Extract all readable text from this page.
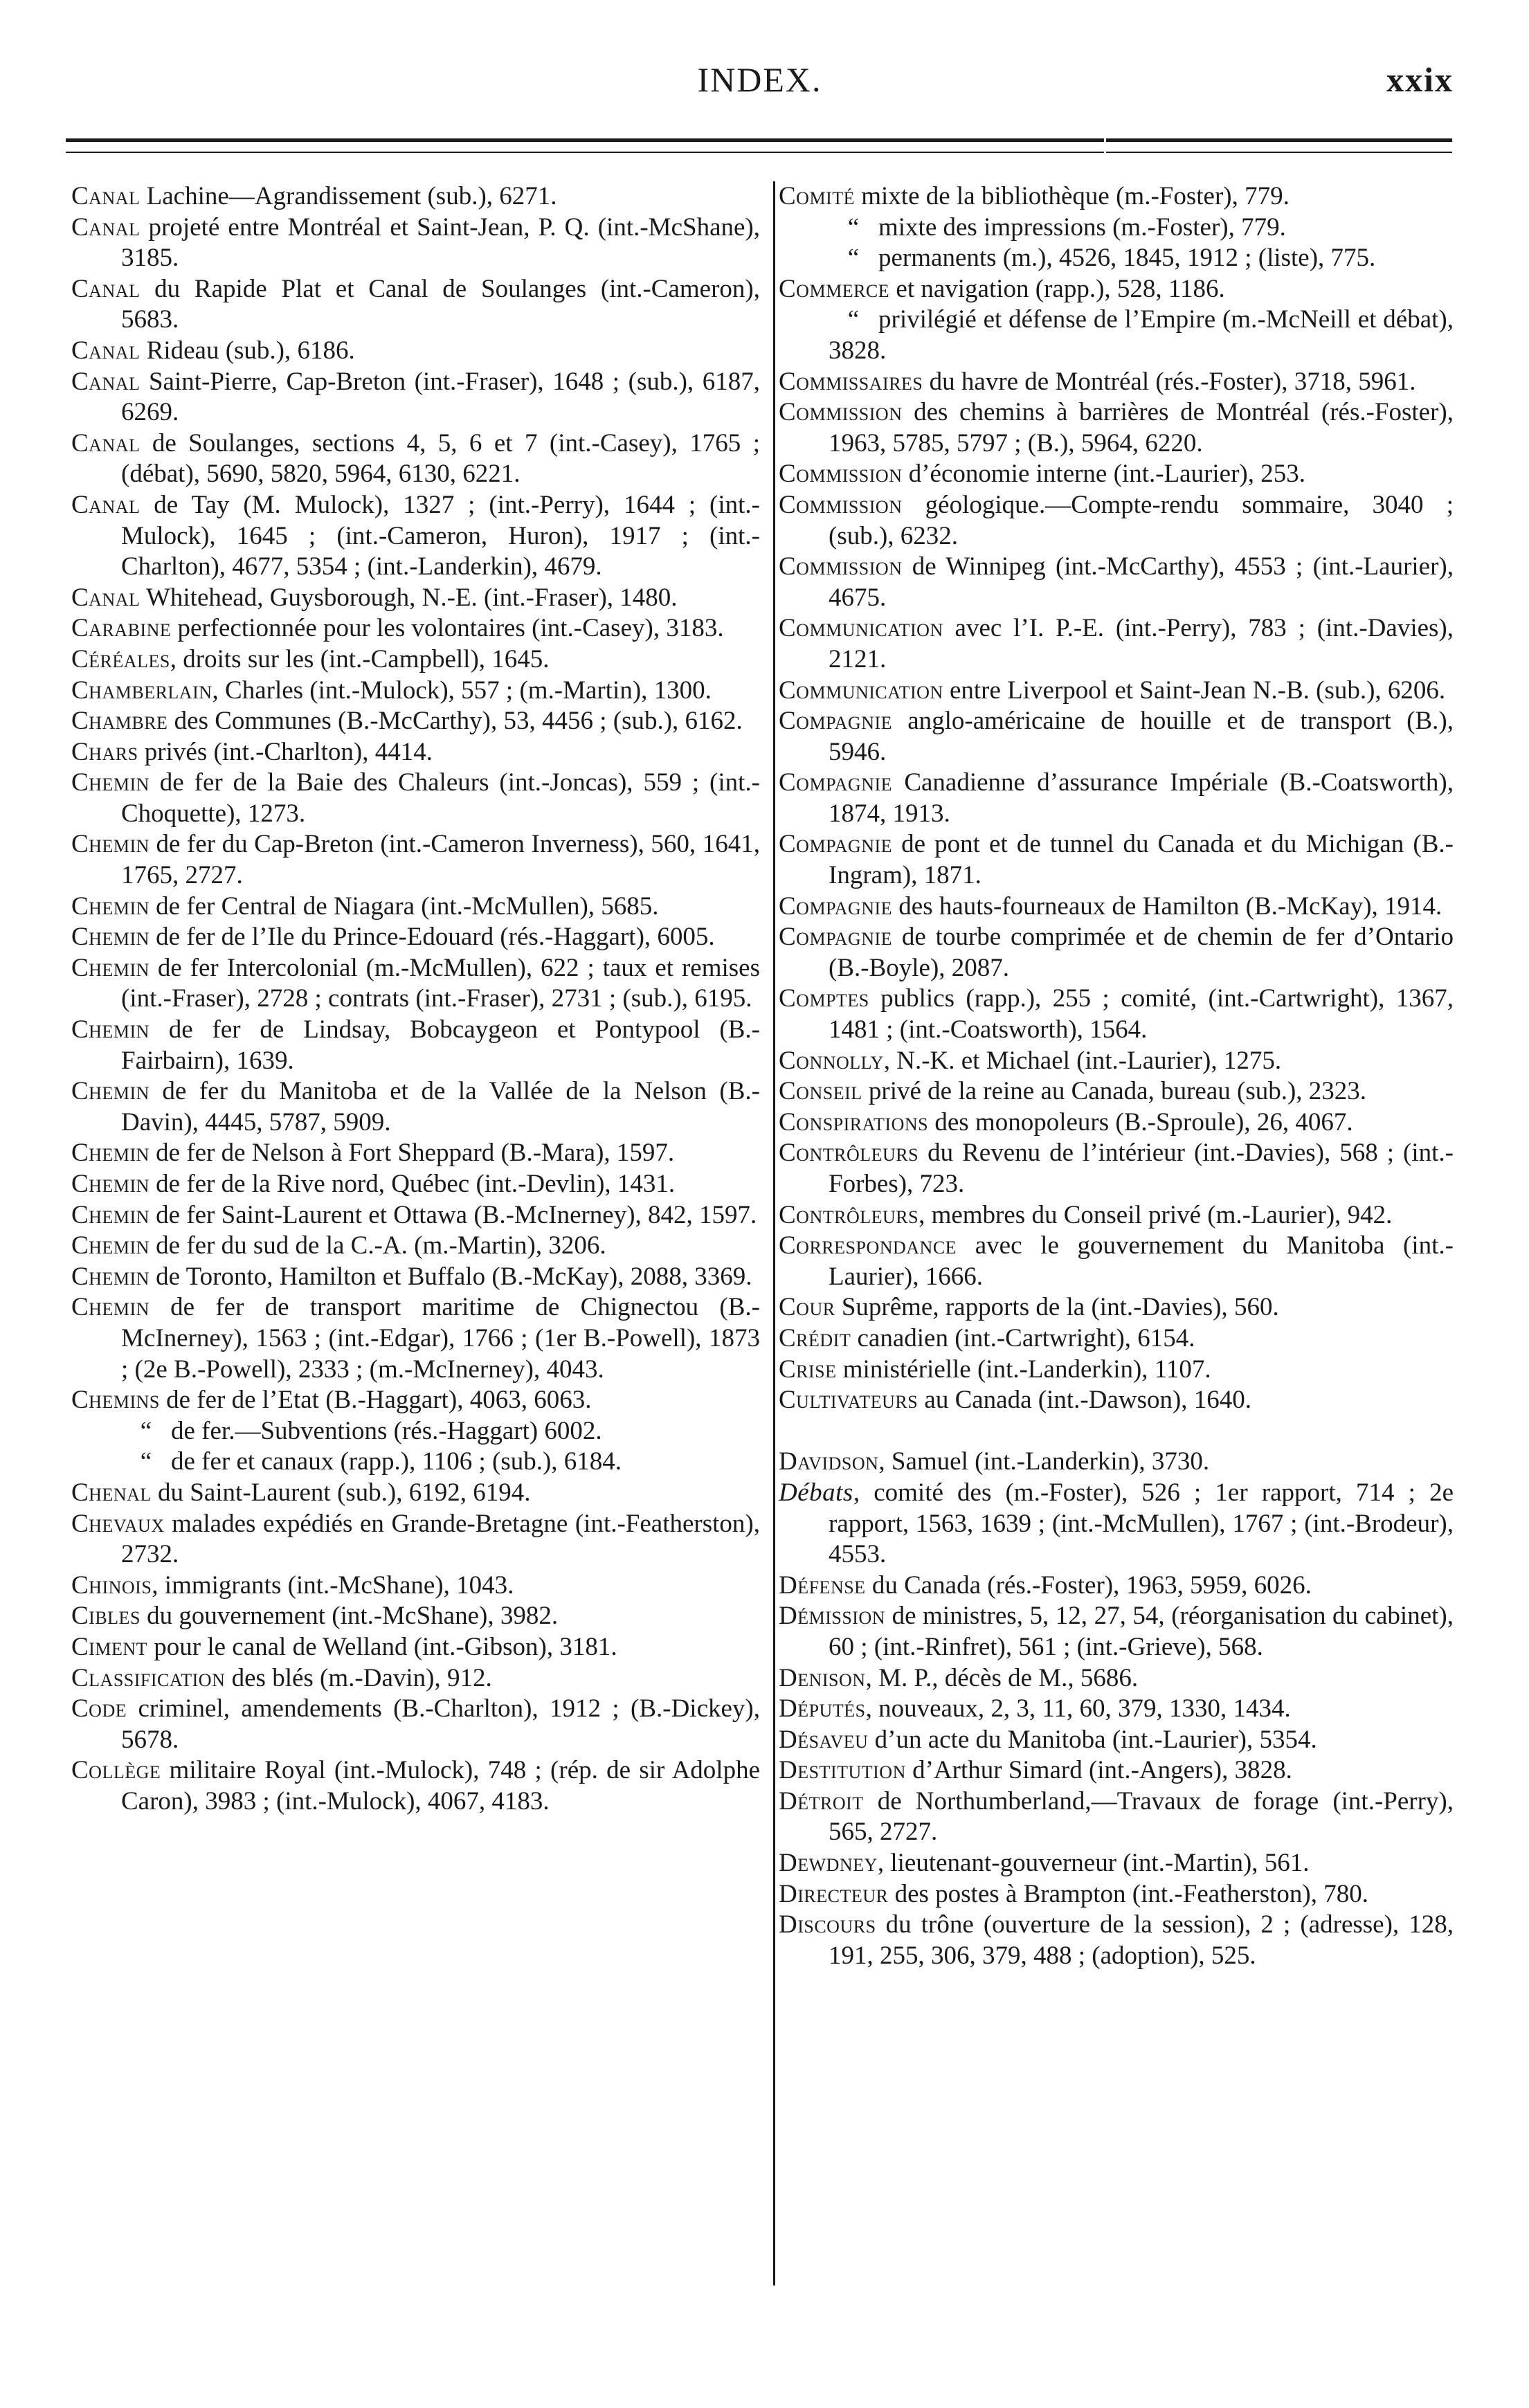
INDEX.	xxix

Canal Lachine—Agrandissement (sub.), 6271.

Canal projeté entre Montréal et Saint-Jean, P. Q. (int.-McShane), 3185.

Canal du Rapide Plat et Canal de Soulanges (int.-Cameron), 5683.

Canal Rideau (sub.), 6186.

Canal Saint-Pierre, Cap-Breton (int.-Fraser), 1648 ; (sub.), 6187, 6269.

Canal de Soulanges, sections 4, 5, 6 et 7 (int.-Casey), 1765 ; (débat), 5690, 5820, 5964, 6130, 6221.

Canal de Tay (M. Mulock), 1327 ; (int.-Perry), 1644 ; (int.-Mulock), 1645 ; (int.-Cameron, Huron), 1917 ; (int.-Charlton), 4677, 5354 ; (int.-Landerkin), 4679.

Canal Whitehead, Guysborough, N.-E. (int.-Fraser), 1480.

Carabine perfectionnée pour les volontaires (int.-Casey), 3183.

Céréales, droits sur les (int.-Campbell), 1645.

Chamberlain, Charles (int.-Mulock), 557 ; (m.-Martin), 1300.

Chambre des Communes (B.-McCarthy), 53, 4456 ; (sub.), 6162.

Chars privés (int.-Charlton), 4414.

Chemin de fer de la Baie des Chaleurs (int.-Joncas), 559 ; (int.-Choquette), 1273.

Chemin de fer du Cap-Breton (int.-Cameron Inverness), 560, 1641, 1765, 2727.

Chemin de fer Central de Niagara (int.-McMullen), 5685.

Chemin de fer de l’Ile du Prince-Edouard (rés.-Haggart), 6005.

Chemin de fer Intercolonial (m.-McMullen), 622 ; taux et remises (int.-Fraser), 2728 ; contrats (int.-Fraser), 2731 ; (sub.), 6195.

Chemin de fer de Lindsay, Bobcaygeon et Pontypool (B.-Fairbairn), 1639.

Chemin de fer du Manitoba et de la Vallée de la Nelson (B.-Davin), 4445, 5787, 5909.

Chemin de fer de Nelson à Fort Sheppard (B.-Mara), 1597.

Chemin de fer de la Rive nord, Québec (int.-Devlin), 1431.

Chemin de fer Saint-Laurent et Ottawa (B.-McInerney), 842, 1597.

Chemin de fer du sud de la C.-A. (m.-Martin), 3206.

Chemin de Toronto, Hamilton et Buffalo (B.-McKay), 2088, 3369.

Chemin de fer de transport maritime de Chignectou (B.-McInerney), 1563 ; (int.-Edgar), 1766 ; (1er B.-Powell), 1873 ; (2e B.-Powell), 2333 ; (m.-McInerney), 4043.

Chemins de fer de l’Etat (B.-Haggart), 4063, 6063.

“ de fer.—Subventions (rés.-Haggart) 6002.

“ de fer et canaux (rapp.), 1106 ; (sub.), 6184.

Chenal du Saint-Laurent (sub.), 6192, 6194.

Chevaux malades expédiés en Grande-Bretagne (int.-Featherston), 2732.

Chinois, immigrants (int.-McShane), 1043.

Cibles du gouvernement (int.-McShane), 3982.

Ciment pour le canal de Welland (int.-Gibson), 3181.

Classification des blés (m.-Davin), 912.

Code criminel, amendements (B.-Charlton), 1912 ; (B.-Dickey), 5678.

Collège militaire Royal (int.-Mulock), 748 ; (rép. de sir Adolphe Caron), 3983 ; (int.-Mulock), 4067, 4183.

Comité mixte de la bibliothèque (m.-Foster), 779.

“ mixte des impressions (m.-Foster), 779.

“ permanents (m.), 4526, 1845, 1912 ; (liste), 775.

Commerce et navigation (rapp.), 528, 1186.

“ privilégié et défense de l’Empire (m.-McNeill et débat), 3828.

Commissaires du havre de Montréal (rés.-Foster), 3718, 5961.

Commission des chemins à barrières de Montréal (rés.-Foster), 1963, 5785, 5797 ; (B.), 5964, 6220.

Commission d’économie interne (int.-Laurier), 253.

Commission géologique.—Compte-rendu sommaire, 3040 ; (sub.), 6232.

Commission de Winnipeg (int.-McCarthy), 4553 ; (int.-Laurier), 4675.

Communication avec l’I. P.-E. (int.-Perry), 783 ; (int.-Davies), 2121.

Communication entre Liverpool et Saint-Jean N.-B. (sub.), 6206.

Compagnie anglo-américaine de houille et de transport (B.), 5946.

Compagnie Canadienne d’assurance Impériale (B.-Coatsworth), 1874, 1913.

Compagnie de pont et de tunnel du Canada et du Michigan (B.-Ingram), 1871.

Compagnie des hauts-fourneaux de Hamilton (B.-McKay), 1914.

Compagnie de tourbe comprimée et de chemin de fer d’Ontario (B.-Boyle), 2087.

Comptes publics (rapp.), 255 ; comité, (int.-Cartwright), 1367, 1481 ; (int.-Coatsworth), 1564.

Connolly, N.-K. et Michael (int.-Laurier), 1275.

Conseil privé de la reine au Canada, bureau (sub.), 2323.

Conspirations des monopoleurs (B.-Sproule), 26, 4067.

Contrôleurs du Revenu de l’intérieur (int.-Davies), 568 ; (int.-Forbes), 723.

Contrôleurs, membres du Conseil privé (m.-Laurier), 942.

Correspondance avec le gouvernement du Manitoba (int.-Laurier), 1666.

Cour Suprême, rapports de la (int.-Davies), 560.

Crédit canadien (int.-Cartwright), 6154.

Crise ministérielle (int.-Landerkin), 1107.

Cultivateurs au Canada (int.-Dawson), 1640.

Davidson, Samuel (int.-Landerkin), 3730.

Débats, comité des (m.-Foster), 526 ; 1er rapport, 714 ; 2e rapport, 1563, 1639 ; (int.-McMullen), 1767 ; (int.-Brodeur), 4553.

Défense du Canada (rés.-Foster), 1963, 5959, 6026.

Démission de ministres, 5, 12, 27, 54, (réorganisation du cabinet), 60 ; (int.-Rinfret), 561 ; (int.-Grieve), 568.

Denison, M. P., décès de M., 5686.

Députés, nouveaux, 2, 3, 11, 60, 379, 1330, 1434.

Désaveu d’un acte du Manitoba (int.-Laurier), 5354.

Destitution d’Arthur Simard (int.-Angers), 3828.

Détroit de Northumberland,—Travaux de forage (int.-Perry), 565, 2727.

Dewdney, lieutenant-gouverneur (int.-Martin), 561.

Directeur des postes à Brampton (int.-Featherston), 780.

Discours du trône (ouverture de la session), 2 ; (adresse), 128, 191, 255, 306, 379, 488 ; (adoption), 525.
